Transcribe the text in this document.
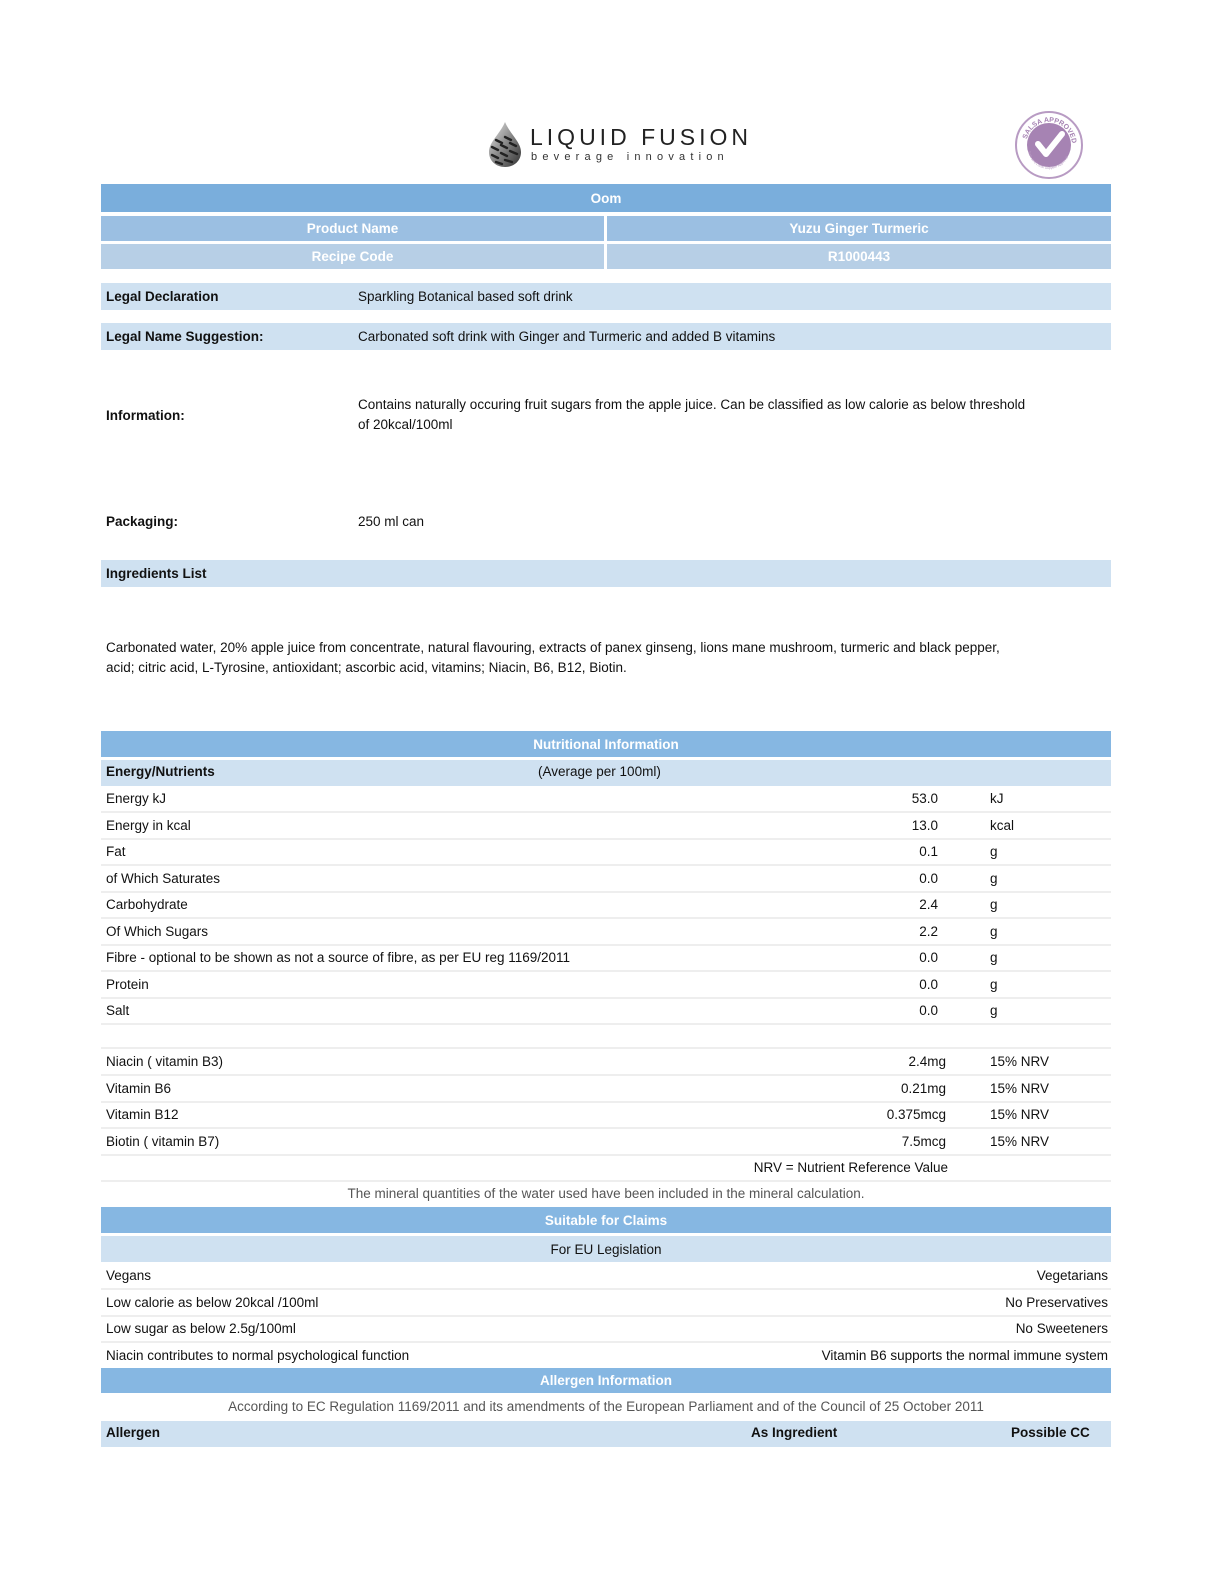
LIQUID FUSION
beverage innovation
SALSA APPROVED
Safe and Local Supplier Approval
Oom
Product Name	Yuzu Ginger Turmeric
Recipe Code	R1000443
Legal Declaration	Sparkling Botanical based soft drink
Legal Name Suggestion:	Carbonated soft drink with Ginger and Turmeric and added B vitamins
Information:
Contains naturally occuring fruit sugars from the apple juice. Can be classified as low calorie as below threshold
of 20kcal/100ml
Packaging:	250 ml can
Ingredients List
Carbonated water, 20% apple juice from concentrate, natural flavouring, extracts of panex ginseng, lions mane mushroom, turmeric and black pepper,
acid; citric acid, L-Tyrosine, antioxidant; ascorbic acid, vitamins; Niacin, B6, B12, Biotin.
Nutritional Information
Energy/Nutrients	(Average per 100ml)
Energy kJ	53.0	kJ
Energy in kcal	13.0	kcal
Fat	0.1	g
of Which Saturates	0.0	g
Carbohydrate	2.4	g
Of Which Sugars	2.2	g
Fibre - optional to be shown as not a source of fibre, as per EU reg 1169/2011	0.0	g
Protein	0.0	g
Salt	0.0	g
Niacin ( vitamin B3)	2.4mg	15% NRV
Vitamin B6	0.21mg	15% NRV
Vitamin B12	0.375mcg	15% NRV
Biotin ( vitamin B7)	7.5mcg	15% NRV
NRV = Nutrient Reference Value
The mineral quantities of the water used have been included in the mineral calculation.
Suitable for Claims
For EU Legislation
Vegans	Vegetarians
Low calorie as below 20kcal /100ml	No Preservatives
Low sugar as below 2.5g/100ml	No Sweeteners
Niacin contributes to normal psychological function	Vitamin B6 supports the normal immune system
Allergen Information
According to EC Regulation 1169/2011 and its amendments of the European Parliament and of the Council of 25 October 2011
Allergen	As Ingredient	Possible CC
